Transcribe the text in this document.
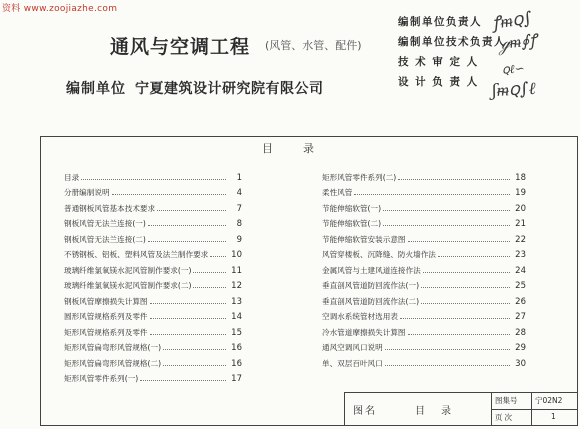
资料 www.zoojiazhe.com
通风与空调工程 (风管、水管、配件)
编制单位 宁夏建筑设计研究院有限公司
编制单位负责人
编制单位技术负责人
技 术 审 定 人
设 计 负 责 人
ꝭᵯꞯ∫
ℊᵯ∮ꝭ
ꞯℓ∽
ʃᵯꞯ∫ℓ
目录
目录	1
分册编制说明	4
普通钢板风管基本技术要求	7
钢板风管无法兰连接(一)	8
钢板风管无法兰连接(二)	9
不锈钢板、铝板、塑料风管及法兰制作要求	10
玻璃纤维氯氧镁水泥风管制作要求(一)	11
玻璃纤维氯氧镁水泥风管制作要求(二)	12
钢板风管摩擦损失计算图	13
圆形风管规格系列及零件	14
矩形风管规格系列及零件	15
矩形风管扁弯形风管规格(一)	16
矩形风管扁弯形风管规格(二)	16
矩形风管零件系列(一)	17
矩形风管零件系列(二)	18
柔性风管	19
节能伸缩软管(一)	20
节能伸缩软管(二)	21
节能伸缩软管安装示意图	22
风管穿楼板、沉降缝、防火墙作法	23
金属风管与土建风道连接作法	24
垂直剖风管道防回流作法(一)	25
垂直剖风管道防回流作法(二)	26
空调水系统管材选用表	27
冷水管道摩擦损失计算图	28
通风空调风口说明	29
单、双层百叶风口	30
图名	目录
图集号 宁02N2
页次	1
